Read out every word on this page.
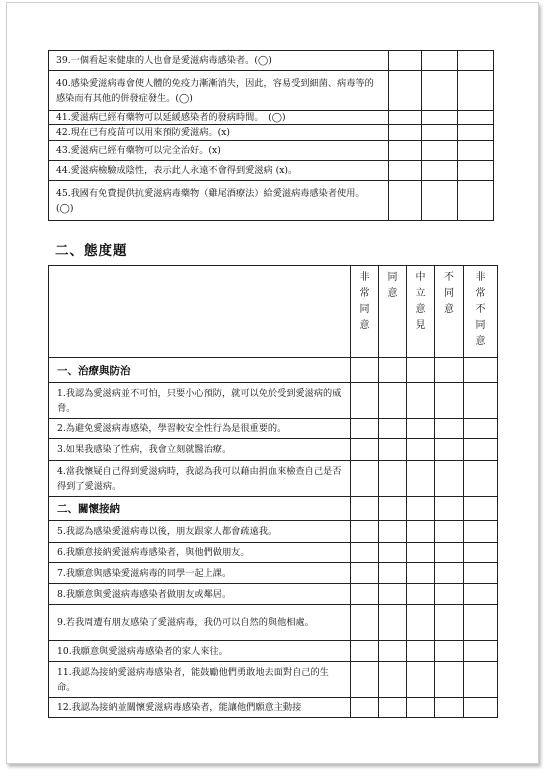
39.一個看起來健康的人也會是愛滋病毒感染者。(◯)			
40.感染愛滋病毒會使人體的免疫力漸漸消失，因此，容易受到細菌、病毒等的感染而有其他的併發症發生。(◯)			
41.愛滋病已經有藥物可以延緩感染者的發病時間。　(◯)			
42.現在已有疫苗可以用來預防愛滋病。(x)			
43.愛滋病已經有藥物可以完全治好。(x)			
44.愛滋病檢驗成陰性，表示此人永遠不會得到愛滋病 (x)。			
45.我國有免費提供抗愛滋病毒藥物（雞尾酒療法）給愛滋病毒感染者使用。(◯)			
二、態度題
	非常同意	同意	中立意見	不同意	非常不同意
一、治療與防治					
1.我認為愛滋病並不可怕，只要小心預防，就可以免於受到愛滋病的威脅。					
2.為避免愛滋病毒感染，學習較安全性行為是很重要的。					
3.如果我感染了性病，我會立刻就醫治療。					
4.當我懷疑自己得到愛滋病時，我認為我可以藉由捐血來檢查自己是否得到了愛滋病。					
二、關懷接納					
5.我認為感染愛滋病毒以後，朋友跟家人都會疏遠我。					
6.我願意接納愛滋病毒感染者，與他們做朋友。					
7.我願意與感染愛滋病毒的同學一起上課。					
8.我願意與愛滋病毒感染者做朋友或鄰居。					
9.若我周遭有朋友感染了愛滋病毒，我仍可以自然的與他相處。					
10.我願意與愛滋病毒感染者的家人來往。					
11.我認為接納愛滋病毒感染者，能鼓勵他們勇敢地去面對自己的生命。					
12.我認為接納並關懷愛滋病毒感染者，能讓他們願意主動接					
